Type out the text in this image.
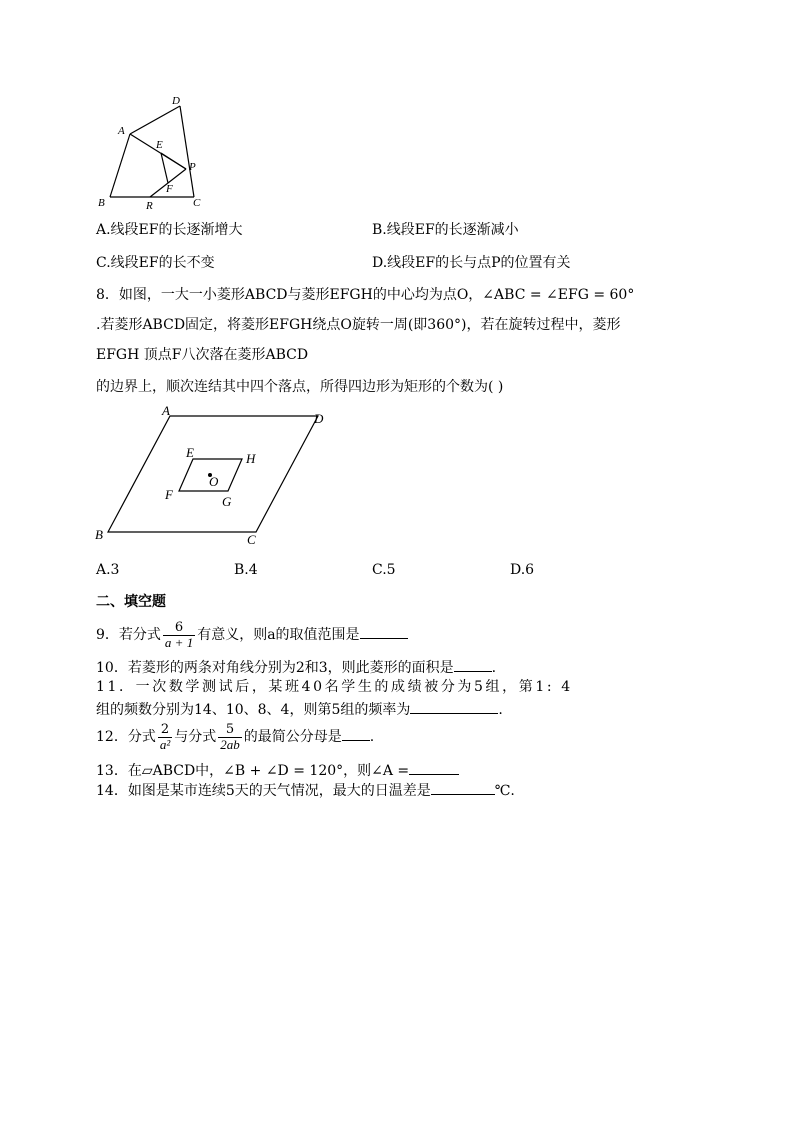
D
A
E
P
F
B	R	C
A.线段EF的长逐渐增大	B.线段EF的长逐渐减小
C.线段EF的长不变	D.线段EF的长与点P的位置有关
8．如图，一大一小菱形ABCD与菱形EFGH的中心均为点O，∠ABC = ∠EFG = 60°
.若菱形ABCD固定，将菱形EFGH绕点O旋转一周(即360°)，若在旋转过程中，菱形
EFGH 顶点F八次落在菱形ABCD
的边界上，顺次连结其中四个落点，所得四边形为矩形的个数为( )
A
D
B	C
E	H
F	G
O
A.3	B.4	C.5	D.6
二、填空题
9．若分式 $\frac{6}{a + 1}$ 有意义，则a的取值范围是
10．若菱形的两条对角线分别为2和3，则此菱形的面积是	.
11．一次数学测试后，某班40名学生的成绩被分为5组，第1: 4
组的频数分别为14、10、8、4，则第5组的频率为	.
12．分式 $\frac{2}{\text{a²}}$ 与分式 $\frac{5}{2ab}$ 的最简公分母是 .
13．在▱ABCD中，∠B + ∠D = 120°，则∠A =
14．如图是某市连续5天的天气情况，最大的日温差是	℃.
